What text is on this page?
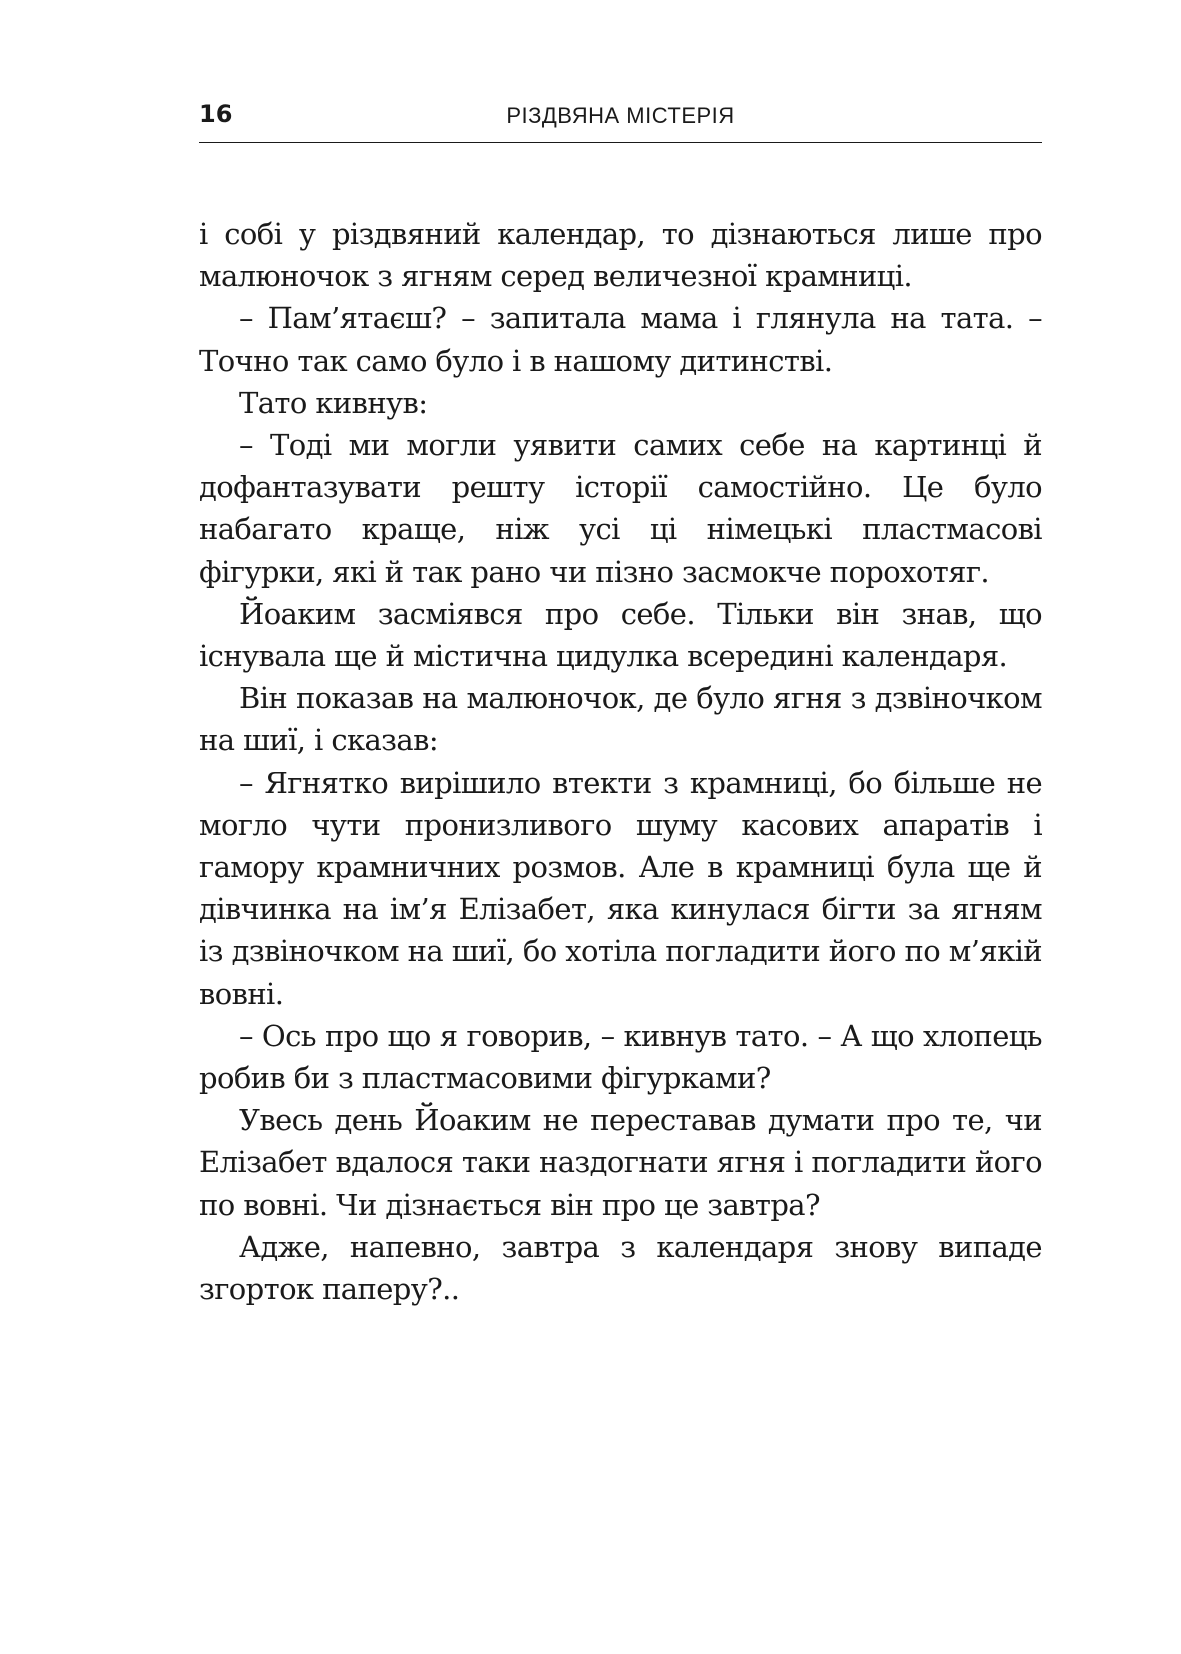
16	РІЗДВЯНА МІСТЕРІЯ

і собі у різдвяний календар, то дізнаються лише про малюночок з ягням серед величезної крамниці.

– Пам’ятаєш? – запитала мама і глянула на тата. – Точно так само було і в нашому дитинстві.

Тато кивнув:

– Тоді ми могли уявити самих себе на картинці й дофантазувати решту історії самостійно. Це було набагато краще, ніж усі ці німецькі пластмасові фігурки, які й так рано чи пізно засмокче порохотяг.

Йоаким засміявся про себе. Тільки він знав, що існувала ще й містична цидулка всередині календаря.

Він показав на малюночок, де було ягня з дзвіночком на шиї, і сказав:

– Ягнятко вирішило втекти з крамниці, бо більше не могло чути пронизливого шуму касових апаратів і гамору крамничних розмов. Але в крамниці була ще й дівчинка на ім’я Елізабет, яка кинулася бігти за ягням із дзвіночком на шиї, бо хотіла погладити його по м’якій вовні.

– Ось про що я говорив, – кивнув тато. – А що хлопець робив би з пластмасовими фігурками?

Увесь день Йоаким не переставав думати про те, чи Елізабет вдалося таки наздогнати ягня і погладити його по вовні. Чи дізнається він про це завтра?

Адже, напевно, завтра з календаря знову випаде згорток паперу?..
